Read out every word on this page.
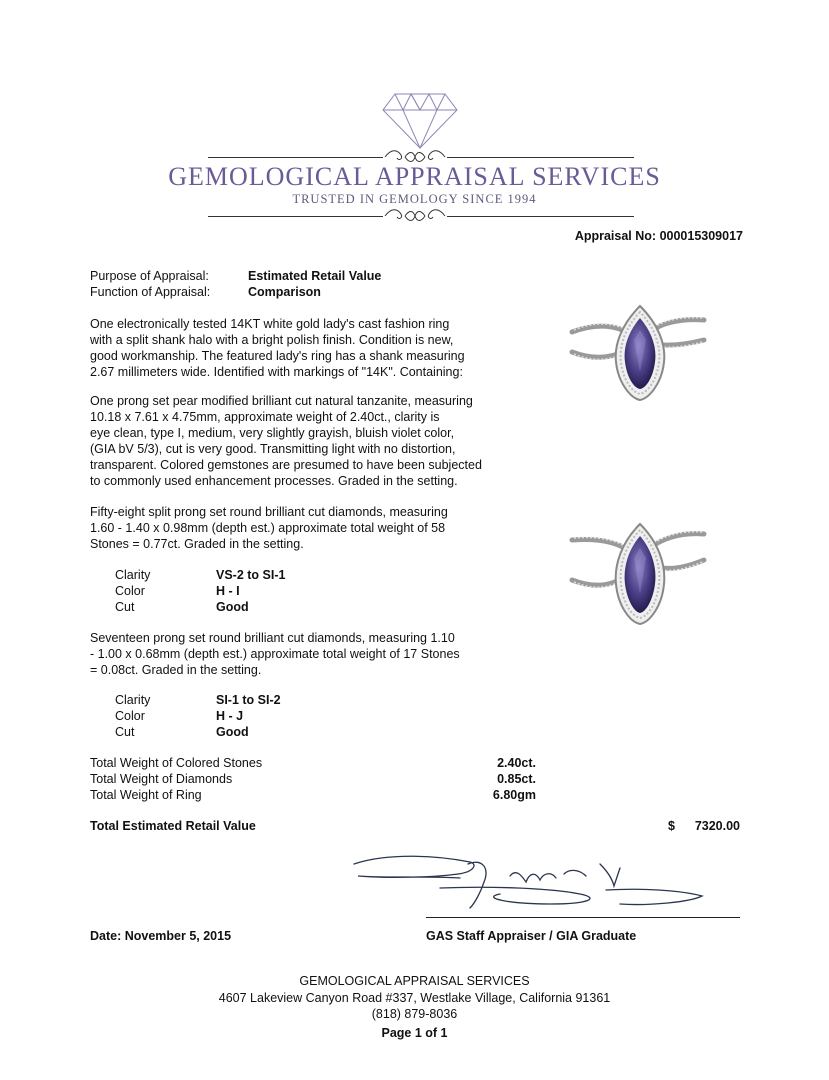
GEMOLOGICAL APPRAISAL SERVICES
TRUSTED IN GEMOLOGY SINCE 1994
Appraisal No: 000015309017
Purpose of Appraisal:	Estimated Retail Value
Function of Appraisal:	Comparison
One electronically tested 14KT white gold lady's cast fashion ring
with a split shank halo with a bright polish finish. Condition is new,
good workmanship. The featured lady's ring has a shank measuring
2.67 millimeters wide. Identified with markings of "14K". Containing:
One prong set pear modified brilliant cut natural tanzanite, measuring
10.18 x 7.61 x 4.75mm, approximate weight of 2.40ct., clarity is
eye clean, type I, medium, very slightly grayish, bluish violet color,
(GIA bV 5/3), cut is very good. Transmitting light with no distortion,
transparent. Colored gemstones are presumed to have been subjected
to commonly used enhancement processes. Graded in the setting.
Fifty-eight split prong set round brilliant cut diamonds, measuring
1.60 - 1.40 x 0.98mm (depth est.) approximate total weight of 58
Stones = 0.77ct. Graded in the setting.
Clarity	VS-2 to SI-1
Color	H - I
Cut	Good
Seventeen prong set round brilliant cut diamonds, measuring 1.10
- 1.00 x 0.68mm (depth est.) approximate total weight of 17 Stones
= 0.08ct. Graded in the setting.
Clarity	SI-1 to SI-2
Color	H - J
Cut	Good
Total Weight of Colored Stones	2.40ct.
Total Weight of Diamonds	0.85ct.
Total Weight of Ring	6.80gm
Total Estimated Retail Value	$	7320.00
Date: November 5, 2015	GAS Staff Appraiser / GIA Graduate
GEMOLOGICAL APPRAISAL SERVICES
4607 Lakeview Canyon Road #337, Westlake Village, California 91361
(818) 879-8036
Page 1 of 1
